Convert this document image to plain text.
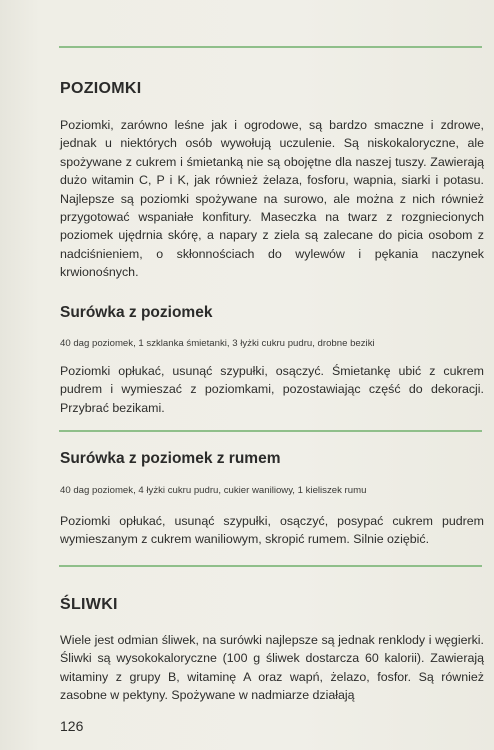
POZIOMKI

Poziomki, zarówno leśne jak i ogrodowe, są bardzo smaczne i zdrowe, jednak u niektórych osób wywołują uczulenie. Są niskokaloryczne, ale spożywane z cukrem i śmietanką nie są obojętne dla naszej tuszy. Zawierają dużo witamin C, P i K, jak również żelaza, fosforu, wapnia, siarki i potasu. Najlepsze są poziomki spożywane na surowo, ale można z nich również przygotować wspaniałe konfitury. Maseczka na twarz z rozgniecionych poziomek ujędrnia skórę, a napary z ziela są zalecane do picia osobom z nadciśnieniem, o skłonnościach do wylewów i pękania naczynek krwionośnych.

Surówka z poziomek

40 dag poziomek, 1 szklanka śmietanki, 3 łyżki cukru pudru, drobne beziki

Poziomki opłukać, usunąć szypułki, osączyć. Śmietankę ubić z cukrem pudrem i wymieszać z poziomkami, pozostawiając część do dekoracji. Przybrać bezikami.

Surówka z poziomek z rumem

40 dag poziomek, 4 łyżki cukru pudru, cukier waniliowy, 1 kieliszek rumu

Poziomki opłukać, usunąć szypułki, osączyć, posypać cukrem pudrem wymieszanym z cukrem waniliowym, skropić rumem. Silnie oziębić.

ŚLIWKI

Wiele jest odmian śliwek, na surówki najlepsze są jednak renklody i węgierki. Śliwki są wysokokaloryczne (100 g śliwek dostarcza 60 kalorii). Zawierają witaminy z grupy B, witaminę A oraz wapń, żelazo, fosfor. Są również zasobne w pektyny. Spożywane w nadmiarze działają

126
